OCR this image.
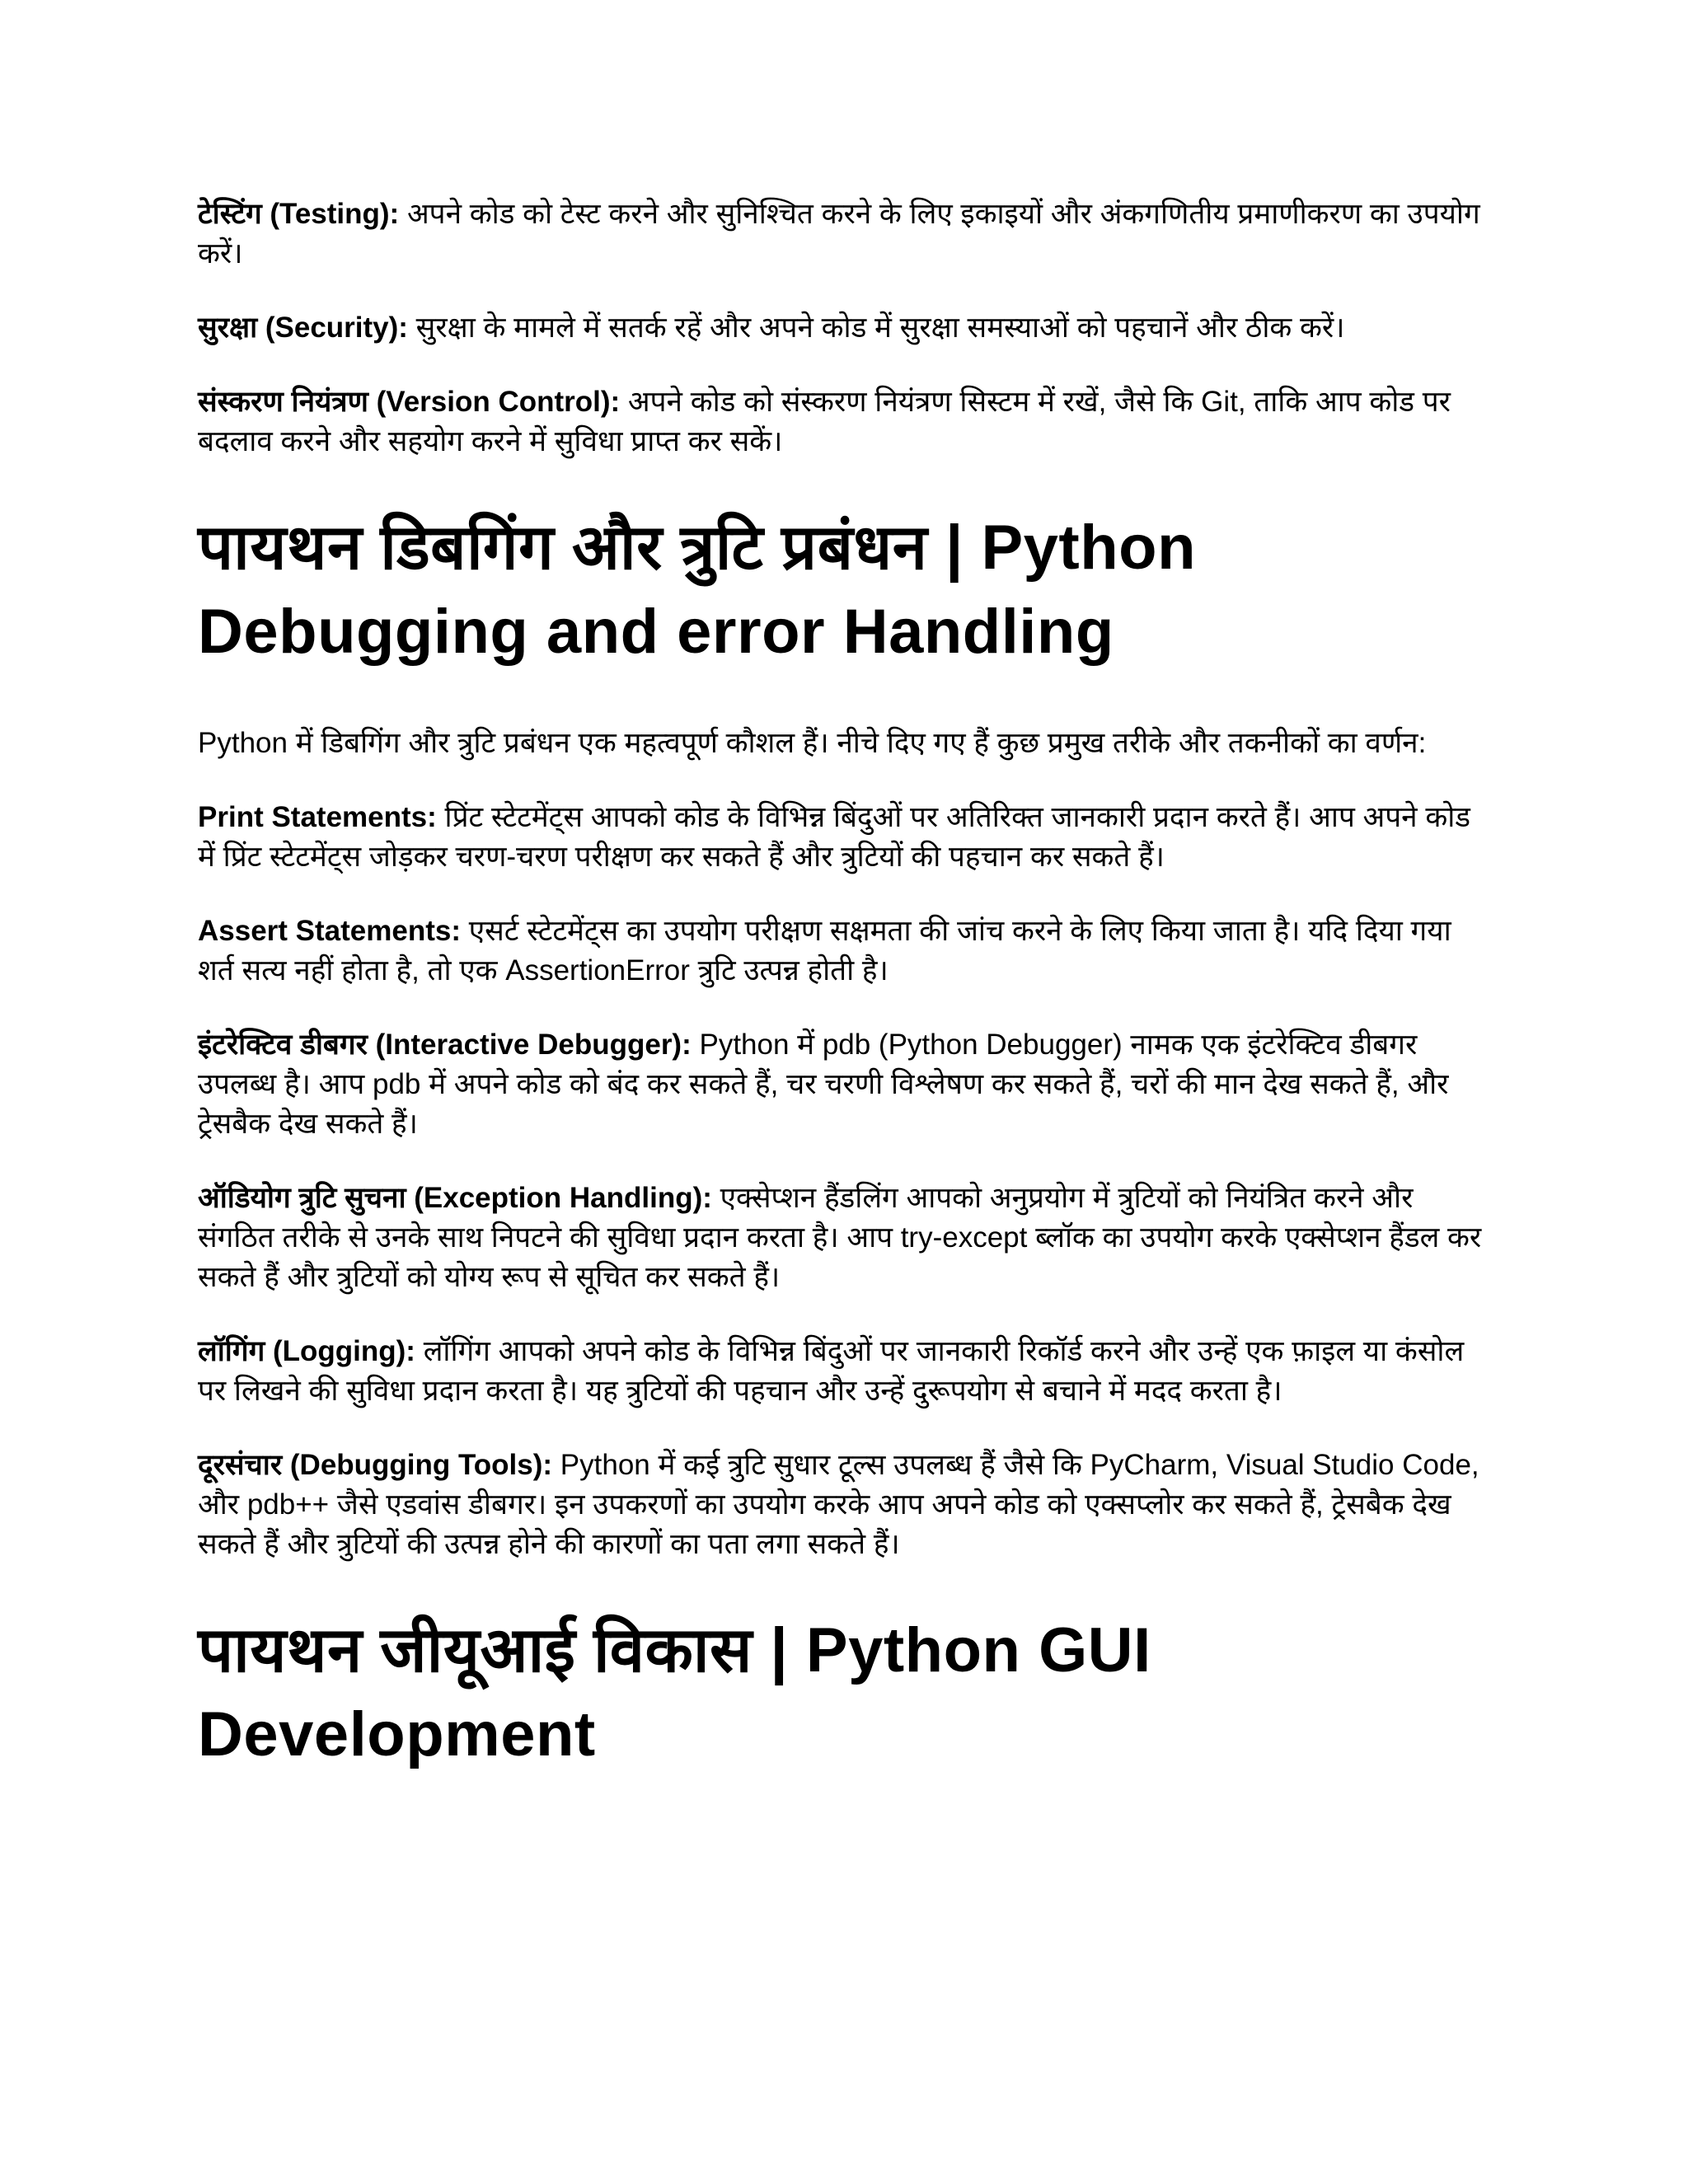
टेस्टिंग (Testing): अपने कोड को टेस्ट करने और सुनिश्चित करने के लिए इकाइयों और अंकगणितीय प्रमाणीकरण का उपयोग करें।

सुरक्षा (Security): सुरक्षा के मामले में सतर्क रहें और अपने कोड में सुरक्षा समस्याओं को पहचानें और ठीक करें।

संस्करण नियंत्रण (Version Control): अपने कोड को संस्करण नियंत्रण सिस्टम में रखें, जैसे कि Git, ताकि आप कोड पर बदलाव करने और सहयोग करने में सुविधा प्राप्त कर सकें।

पायथन डिबगिंग और त्रुटि प्रबंधन | Python Debugging and error Handling

Python में डिबगिंग और त्रुटि प्रबंधन एक महत्वपूर्ण कौशल हैं। नीचे दिए गए हैं कुछ प्रमुख तरीके और तकनीकों का वर्णन:

Print Statements: प्रिंट स्टेटमेंट्स आपको कोड के विभिन्न बिंदुओं पर अतिरिक्त जानकारी प्रदान करते हैं। आप अपने कोड में प्रिंट स्टेटमेंट्स जोड़कर चरण-चरण परीक्षण कर सकते हैं और त्रुटियों की पहचान कर सकते हैं।

Assert Statements: एसर्ट स्टेटमेंट्स का उपयोग परीक्षण सक्षमता की जांच करने के लिए किया जाता है। यदि दिया गया शर्त सत्य नहीं होता है, तो एक AssertionError त्रुटि उत्पन्न होती है।

इंटरेक्टिव डीबगर (Interactive Debugger): Python में pdb (Python Debugger) नामक एक इंटरेक्टिव डीबगर उपलब्ध है। आप pdb में अपने कोड को बंद कर सकते हैं, चर चरणी विश्लेषण कर सकते हैं, चरों की मान देख सकते हैं, और ट्रेसबैक देख सकते हैं।

ऑडियोग त्रुटि सुचना (Exception Handling): एक्सेप्शन हैंडलिंग आपको अनुप्रयोग में त्रुटियों को नियंत्रित करने और संगठित तरीके से उनके साथ निपटने की सुविधा प्रदान करता है। आप try-except ब्लॉक का उपयोग करके एक्सेप्शन हैंडल कर सकते हैं और त्रुटियों को योग्य रूप से सूचित कर सकते हैं।

लॉगिंग (Logging): लॉगिंग आपको अपने कोड के विभिन्न बिंदुओं पर जानकारी रिकॉर्ड करने और उन्हें एक फ़ाइल या कंसोल पर लिखने की सुविधा प्रदान करता है। यह त्रुटियों की पहचान और उन्हें दुरूपयोग से बचाने में मदद करता है।

दूरसंचार (Debugging Tools): Python में कई त्रुटि सुधार टूल्स उपलब्ध हैं जैसे कि PyCharm, Visual Studio Code, और pdb++ जैसे एडवांस डीबगर। इन उपकरणों का उपयोग करके आप अपने कोड को एक्सप्लोर कर सकते हैं, ट्रेसबैक देख सकते हैं और त्रुटियों की उत्पन्न होने की कारणों का पता लगा सकते हैं।

पायथन जीयूआई विकास | Python GUI Development
